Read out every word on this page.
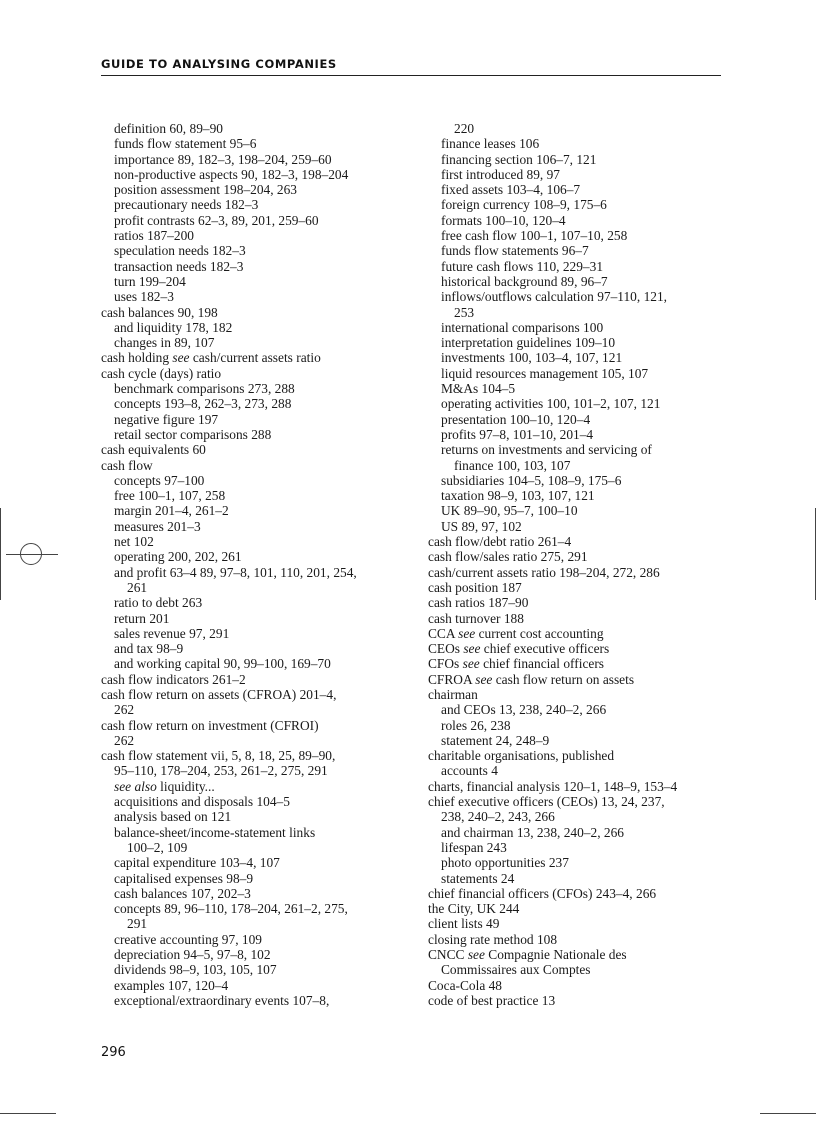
GUIDE TO ANALYSING COMPANIES
definition 60, 89–90
funds flow statement 95–6
importance 89, 182–3, 198–204, 259–60
non-productive aspects 90, 182–3, 198–204
position assessment 198–204, 263
precautionary needs 182–3
profit contrasts 62–3, 89, 201, 259–60
ratios 187–200
speculation needs 182–3
transaction needs 182–3
turn 199–204
uses 182–3
cash balances 90, 198
and liquidity 178, 182
changes in 89, 107
cash holding see cash/current assets ratio
cash cycle (days) ratio
benchmark comparisons 273, 288
concepts 193–8, 262–3, 273, 288
negative figure 197
retail sector comparisons 288
cash equivalents 60
cash flow
concepts 97–100
free 100–1, 107, 258
margin 201–4, 261–2
measures 201–3
net 102
operating 200, 202, 261
and profit 63–4 89, 97–8, 101, 110, 201, 254,
261
ratio to debt 263
return 201
sales revenue 97, 291
and tax 98–9
and working capital 90, 99–100, 169–70
cash flow indicators 261–2
cash flow return on assets (CFROA) 201–4,
262
cash flow return on investment (CFROI)
262
cash flow statement vii, 5, 8, 18, 25, 89–90,
95–110, 178–204, 253, 261–2, 275, 291
see also liquidity...
acquisitions and disposals 104–5
analysis based on 121
balance-sheet/income-statement links
100–2, 109
capital expenditure 103–4, 107
capitalised expenses 98–9
cash balances 107, 202–3
concepts 89, 96–110, 178–204, 261–2, 275,
291
creative accounting 97, 109
depreciation 94–5, 97–8, 102
dividends 98–9, 103, 105, 107
examples 107, 120–4
exceptional/extraordinary events 107–8,
220
finance leases 106
financing section 106–7, 121
first introduced 89, 97
fixed assets 103–4, 106–7
foreign currency 108–9, 175–6
formats 100–10, 120–4
free cash flow 100–1, 107–10, 258
funds flow statements 96–7
future cash flows 110, 229–31
historical background 89, 96–7
inflows/outflows calculation 97–110, 121,
253
international comparisons 100
interpretation guidelines 109–10
investments 100, 103–4, 107, 121
liquid resources management 105, 107
M&As 104–5
operating activities 100, 101–2, 107, 121
presentation 100–10, 120–4
profits 97–8, 101–10, 201–4
returns on investments and servicing of
finance 100, 103, 107
subsidiaries 104–5, 108–9, 175–6
taxation 98–9, 103, 107, 121
UK 89–90, 95–7, 100–10
US 89, 97, 102
cash flow/debt ratio 261–4
cash flow/sales ratio 275, 291
cash/current assets ratio 198–204, 272, 286
cash position 187
cash ratios 187–90
cash turnover 188
CCA see current cost accounting
CEOs see chief executive officers
CFOs see chief financial officers
CFROA see cash flow return on assets
chairman
and CEOs 13, 238, 240–2, 266
roles 26, 238
statement 24, 248–9
charitable organisations, published
accounts 4
charts, financial analysis 120–1, 148–9, 153–4
chief executive officers (CEOs) 13, 24, 237,
238, 240–2, 243, 266
and chairman 13, 238, 240–2, 266
lifespan 243
photo opportunities 237
statements 24
chief financial officers (CFOs) 243–4, 266
the City, UK 244
client lists 49
closing rate method 108
CNCC see Compagnie Nationale des
Commissaires aux Comptes
Coca-Cola 48
code of best practice 13
296
